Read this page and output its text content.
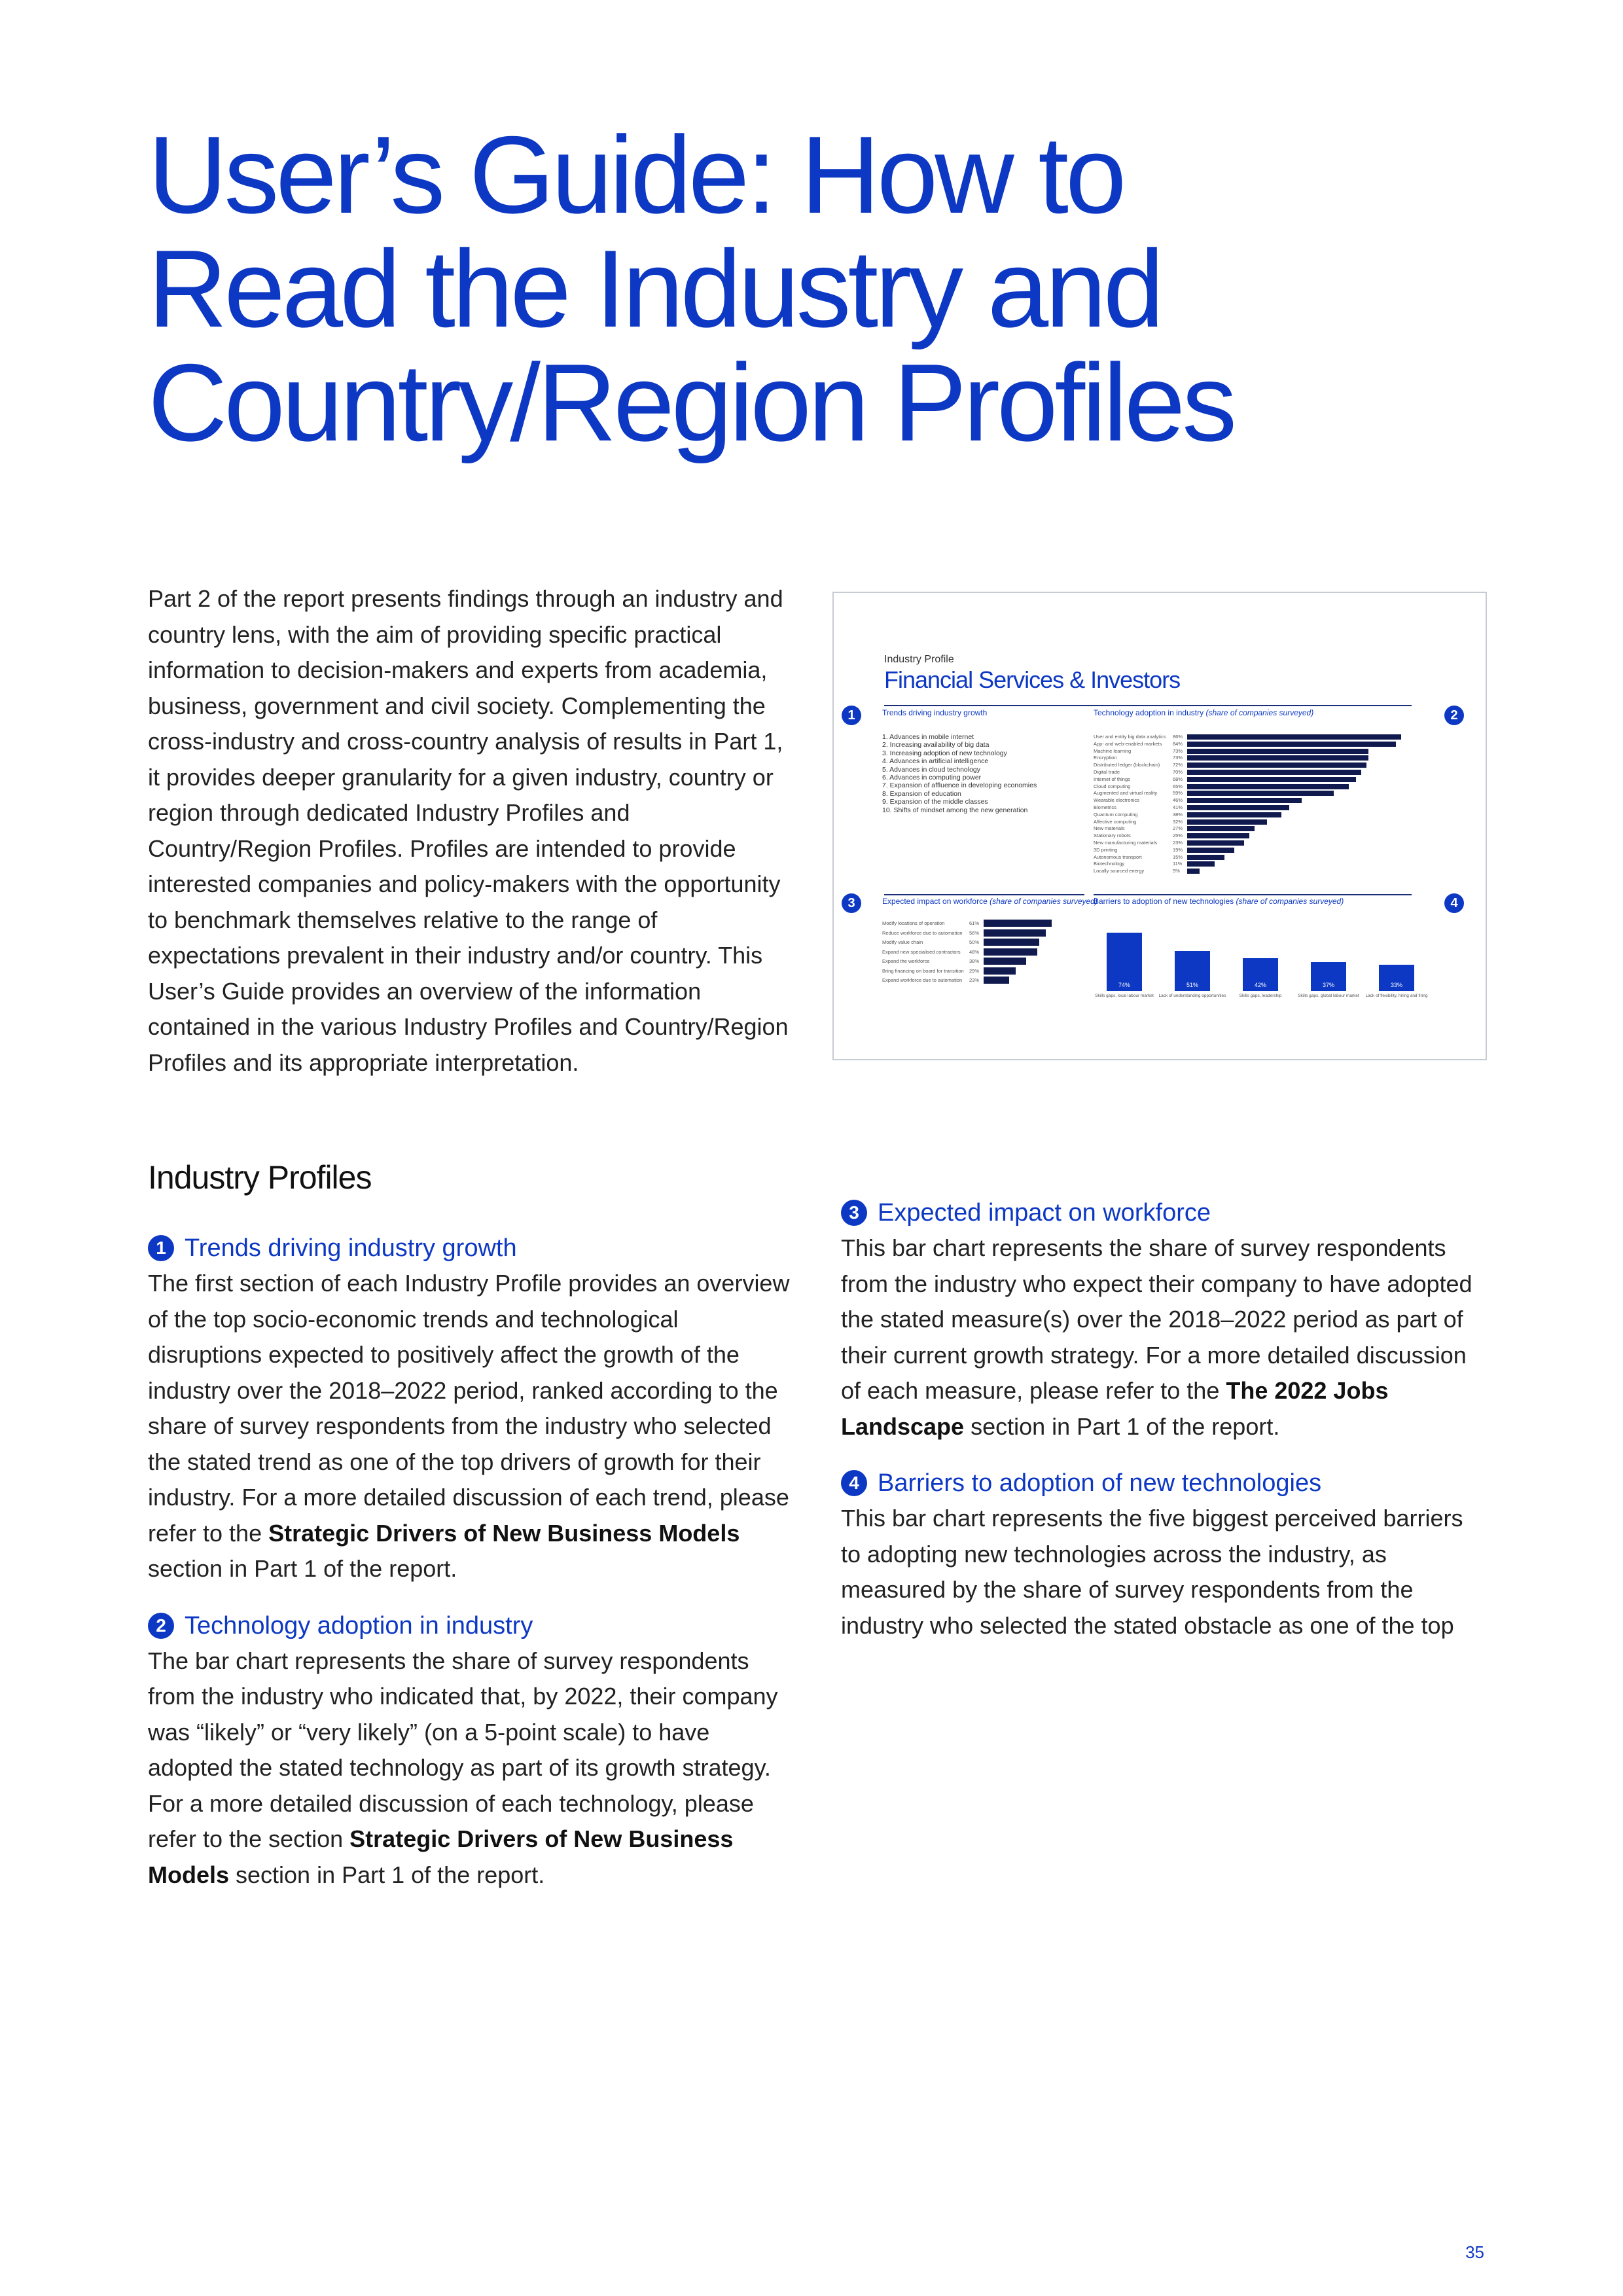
User’s Guide: How to Read the Industry and Country/Region Profiles

Part 2 of the report presents findings through an industry and country lens, with the aim of providing specific practical information to decision-makers and experts from academia, business, government and civil society. Complementing the cross-industry and cross-country analysis of results in Part 1, it provides deeper granularity for a given industry, country or region through dedicated Industry Profiles and Country/Region Profiles. Profiles are intended to provide interested companies and policy-makers with the opportunity to benchmark themselves relative to the range of expectations prevalent in their industry and/or country. This User’s Guide provides an overview of the information contained in the various Industry Profiles and Country/Region Profiles and its appropriate interpretation.

Industry Profile
Financial Services & Investors
Trends driving industry growth	Technology adoption in industry (share of companies surveyed)
Expected impact on workforce (share of companies surveyed)
Barriers to adoption of new technologies (share of companies surveyed)
1	2
3	4
1. Advances in mobile internet
2. Increasing availability of big data
3. Increasing adoption of new technology
4. Advances in artificial intelligence
5. Advances in cloud technology
6. Advances in computing power
7. Expansion of affluence in developing economies
8. Expansion of education
9. Expansion of the middle classes
10. Shifts of mindset among the new generation
User and entity big data analytics 86%
App- and web-enabled markets 84%
Machine learning	73%
Encryption	73%
Distributed ledger (blockchain)	72%
Digital trade	70%
Internet of things	68%
Cloud computing	65%
Augmented and virtual reality	59%
Wearable electronics	46%
Biometrics	41%
Quantum computing	38%
Affective computing	32%
New materials	27%
Stationary robots	25%
New manufacturing materials	23%
3D printing	19%
Autonomous transport	15%
Biotechnology	11%
Locally sourced energy	5%
Modify locations of operation	61%
Reduce workforce due to automation 56%
Modify value chain	50%
Expand new specialised contractors 48%
Expand the workforce	38%
Bring financing on board for transition 29%
Expand workforce due to automation 23%
74%
Skills gaps, local labour market
51%
Lack of understanding opportunities
42%
Skills gaps, leadership
37%
Skills gaps, global labour market
33%
Lack of flexibility, hiring and firing
Industry Profiles
1 Trends driving industry growth

The first section of each Industry Profile provides an overview of the top socio-economic trends and technological disruptions expected to positively affect the growth of the industry over the 2018–2022 period, ranked according to the share of survey respondents from the industry who selected the stated trend as one of the top drivers of growth for their industry. For a more detailed discussion of each trend, please refer to the Strategic Drivers of New Business Models section in Part 1 of the report.

2 Technology adoption in industry

The bar chart represents the share of survey respondents from the industry who indicated that, by 2022, their company was “likely” or “very likely” (on a 5-point scale) to have adopted the stated technology as part of its growth strategy. For a more detailed discussion of each technology, please refer to the section Strategic Drivers of New Business Models section in Part 1 of the report.

3 Expected impact on workforce

This bar chart represents the share of survey respondents from the industry who expect their company to have adopted the stated measure(s) over the 2018–2022 period as part of their current growth strategy. For a more detailed discussion of each measure, please refer to the The 2022 Jobs Landscape section in Part 1 of the report.

4 Barriers to adoption of new technologies

This bar chart represents the five biggest perceived barriers to adopting new technologies across the industry, as measured by the share of survey respondents from the industry who selected the stated obstacle as one of the top

35
